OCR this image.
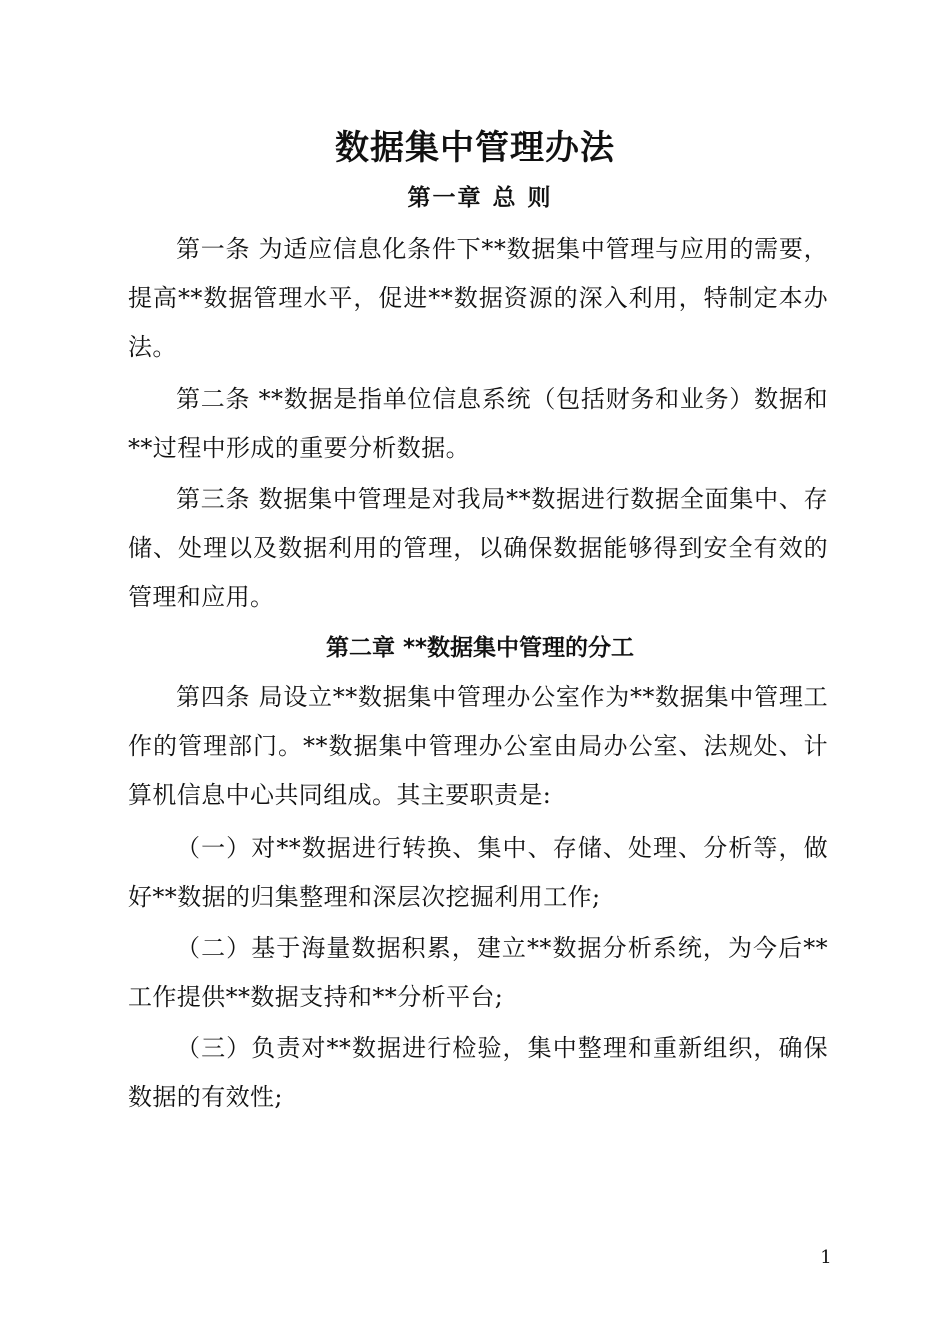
数据集中管理办法
第一章 总 则

第一条 为适应信息化条件下**数据集中管理与应用的需要，提高**数据管理水平，促进**数据资源的深入利用，特制定本办法。

第二条 **数据是指单位信息系统（包括财务和业务）数据和**过程中形成的重要分析数据。

第三条 数据集中管理是对我局**数据进行数据全面集中、存储、处理以及数据利用的管理，以确保数据能够得到安全有效的管理和应用。

第二章 **数据集中管理的分工

第四条 局设立**数据集中管理办公室作为**数据集中管理工作的管理部门。**数据集中管理办公室由局办公室、法规处、计算机信息中心共同组成。其主要职责是:

（一）对**数据进行转换、集中、存储、处理、分析等，做好**数据的归集整理和深层次挖掘利用工作;

（二）基于海量数据积累，建立**数据分析系统，为今后**工作提供**数据支持和**分析平台;

（三）负责对**数据进行检验，集中整理和重新组织，确保数据的有效性;

1
